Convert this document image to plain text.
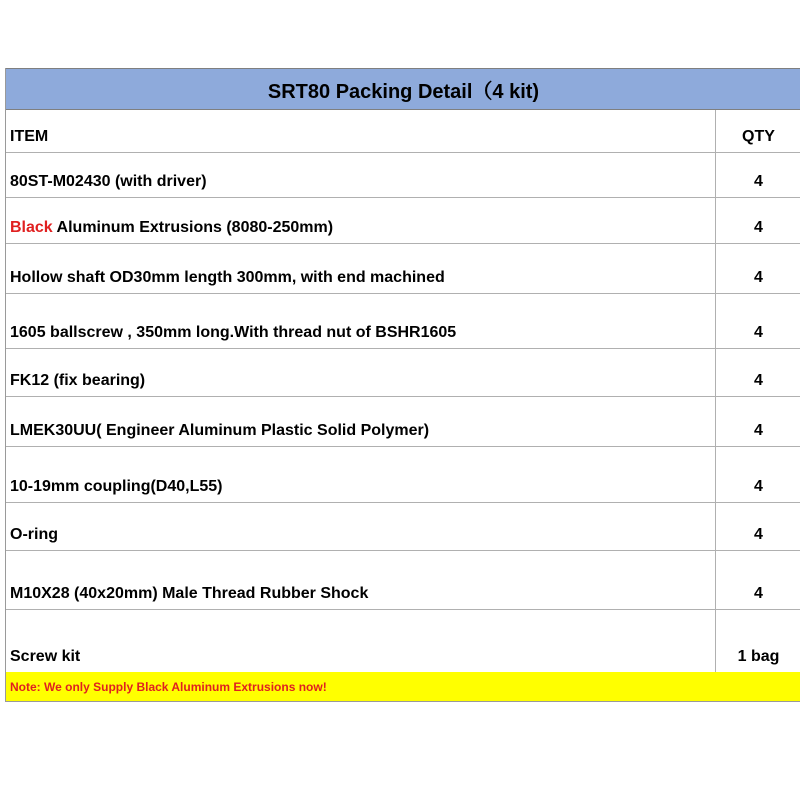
SRT80 Packing Detail（4 kit)
ITEM	QTY
80ST-M02430 (with driver)	4
Black Aluminum Extrusions (8080-250mm)	4
Hollow shaft OD30mm length 300mm, with end machined	4
1605 ballscrew , 350mm long.With thread nut of BSHR1605	4
FK12 (fix bearing)	4
LMEK30UU( Engineer Aluminum Plastic Solid Polymer)	4
10-19mm coupling(D40,L55)	4
O-ring	4
M10X28 (40x20mm) Male Thread Rubber Shock	4
Screw kit	1 bag
Note: We only Supply Black Aluminum Extrusions now!
